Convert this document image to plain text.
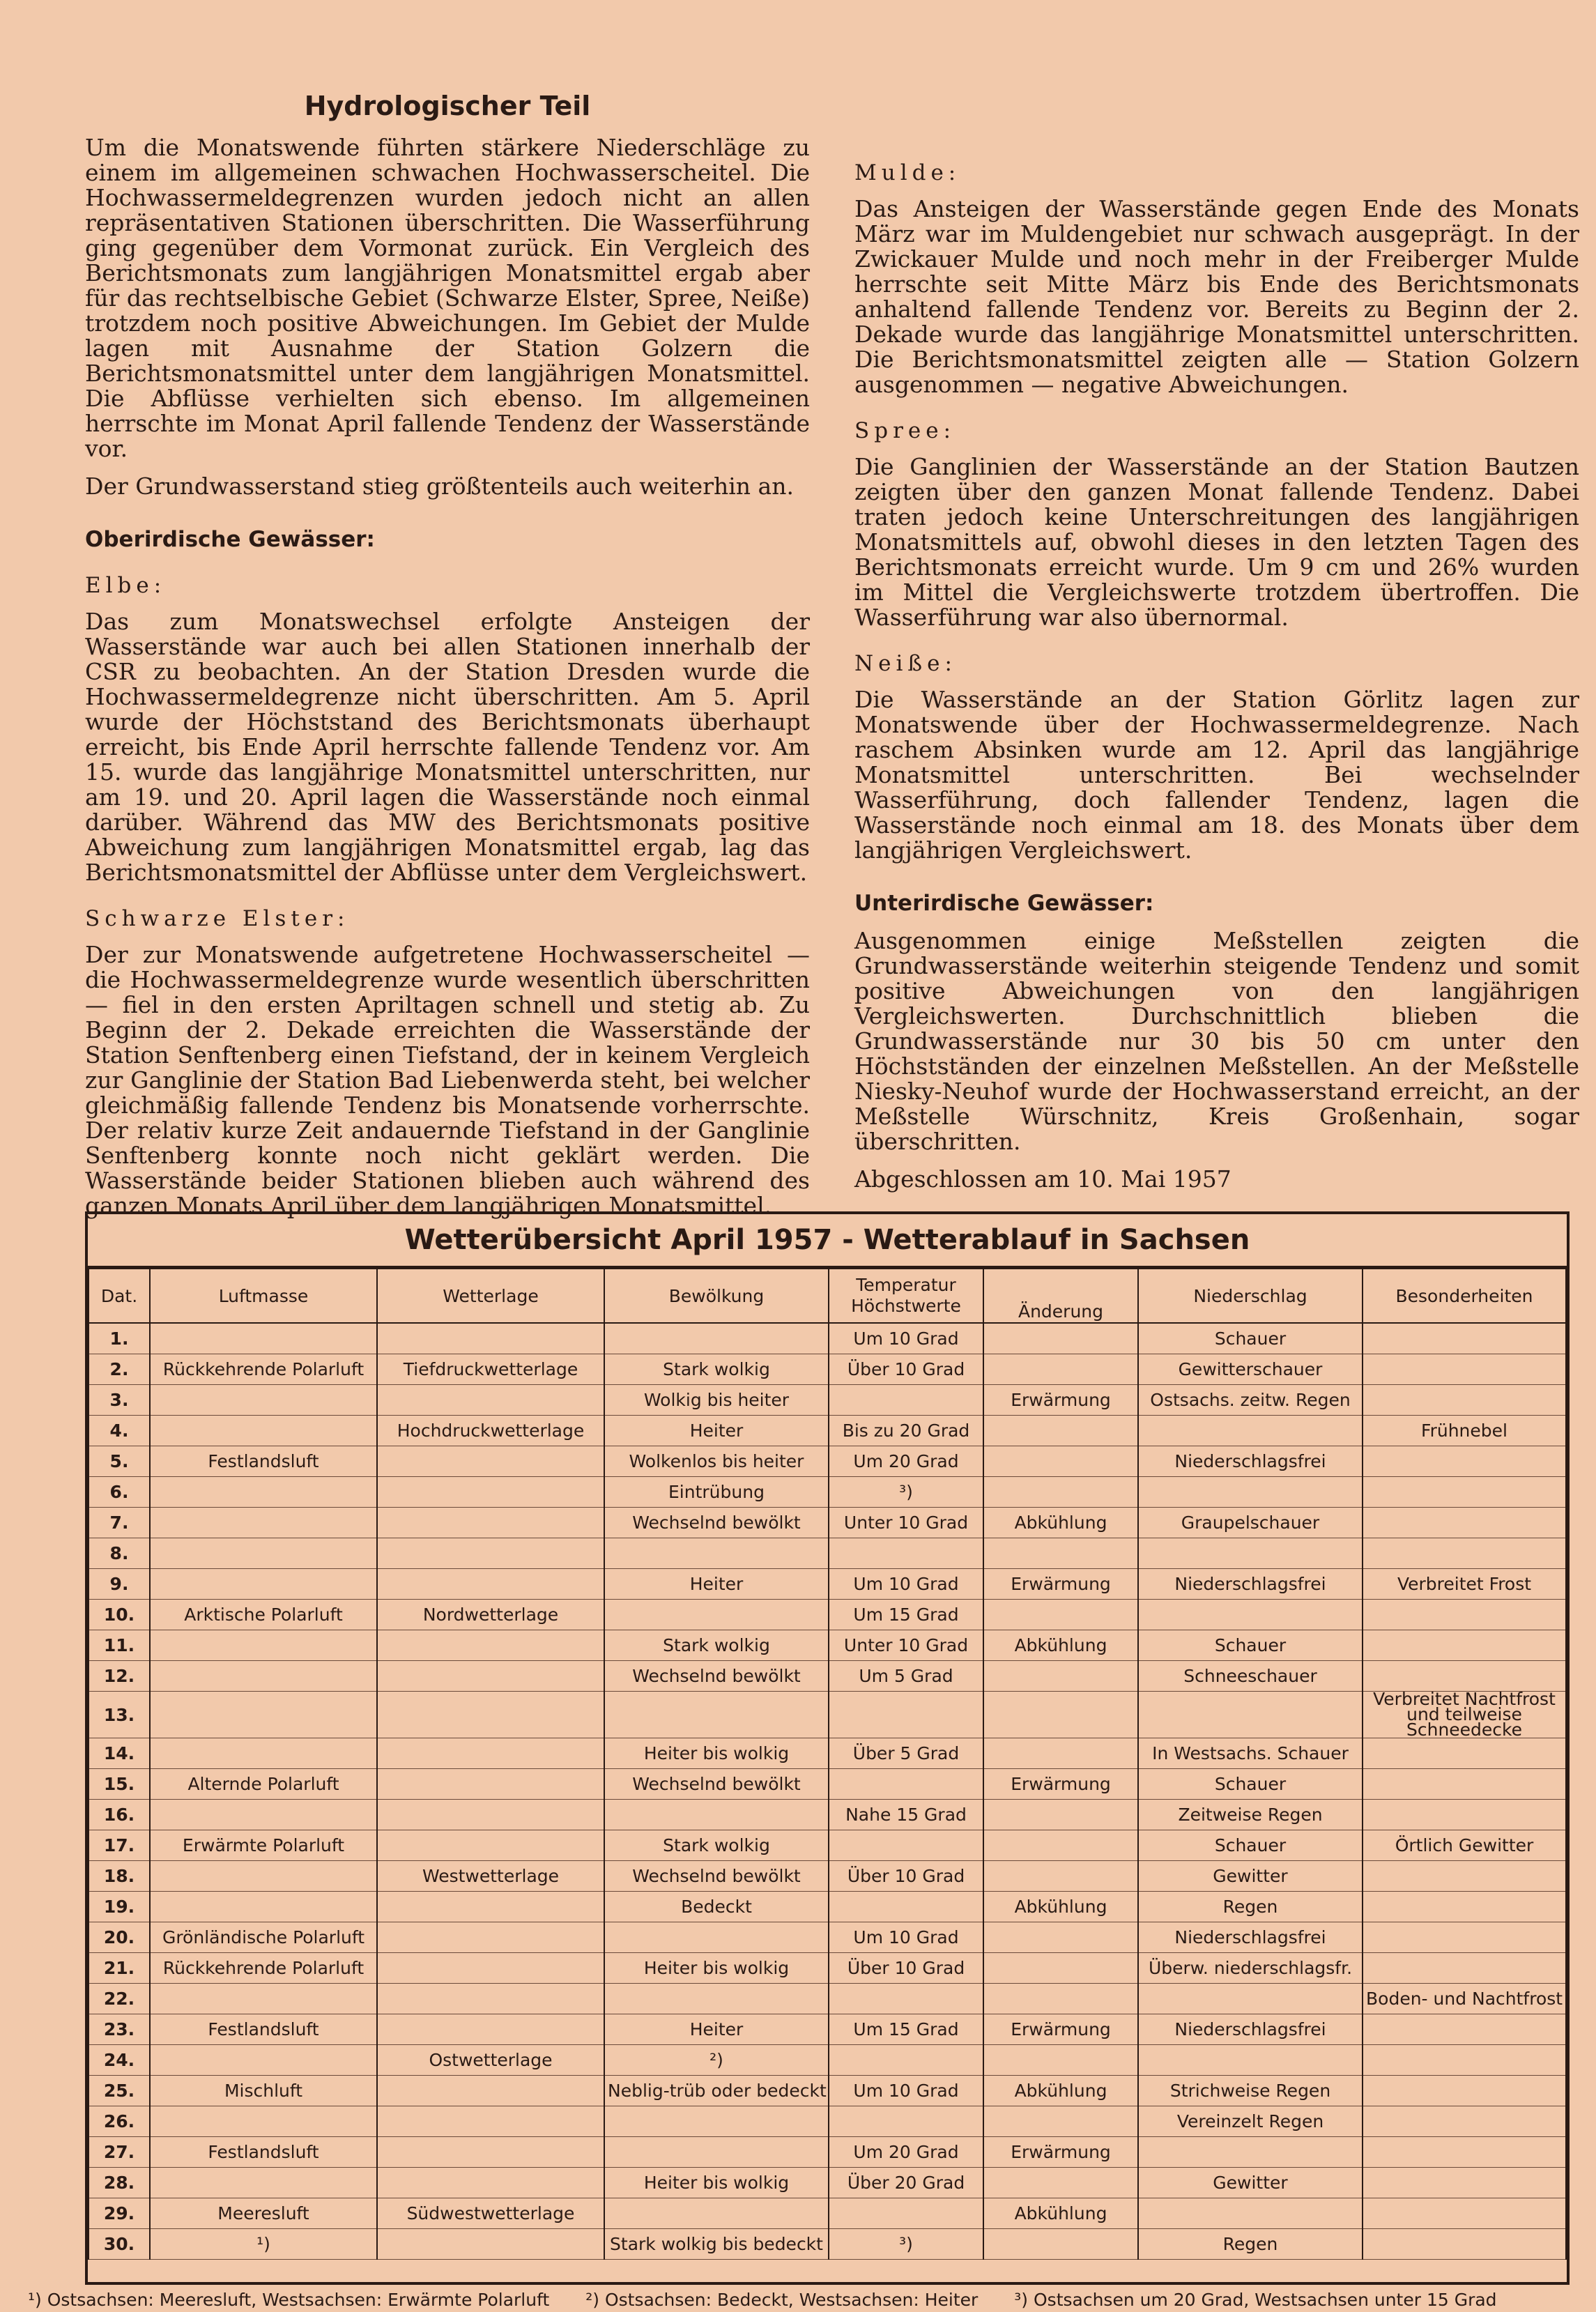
Hydrologischer Teil

Um die Monatswende führten stärkere Niederschläge zu einem im allgemeinen schwachen Hochwasserscheitel. Die Hochwassermeldegrenzen wurden jedoch nicht an allen repräsentativen Stationen überschritten. Die Wasserführung ging gegenüber dem Vormonat zurück. Ein Vergleich des Berichtsmonats zum langjährigen Monatsmittel ergab aber für das rechtselbische Gebiet (Schwarze Elster, Spree, Neiße) trotzdem noch positive Abweichungen. Im Gebiet der Mulde lagen mit Ausnahme der Station Golzern die Berichtsmonatsmittel unter dem langjährigen Monatsmittel. Die Abflüsse verhielten sich ebenso. Im allgemeinen herrschte im Monat April fallende Tendenz der Wasserstände vor.

Der Grundwasserstand stieg größtenteils auch weiterhin an.

Oberirdische Gewässer:
Elbe:

Das zum Monatswechsel erfolgte Ansteigen der Wasserstände war auch bei allen Stationen innerhalb der CSR zu beobachten. An der Station Dresden wurde die Hochwassermeldegrenze nicht überschritten. Am 5. April wurde der Höchststand des Berichtsmonats überhaupt erreicht, bis Ende April herrschte fallende Tendenz vor. Am 15. wurde das langjährige Monatsmittel unterschritten, nur am 19. und 20. April lagen die Wasserstände noch einmal darüber. Während das MW des Berichtsmonats positive Abweichung zum langjährigen Monatsmittel ergab, lag das Berichtsmonatsmittel der Abflüsse unter dem Vergleichswert.

Schwarze Elster:

Der zur Monatswende aufgetretene Hochwasserscheitel — die Hochwassermeldegrenze wurde wesentlich überschritten — fiel in den ersten Apriltagen schnell und stetig ab. Zu Beginn der 2. Dekade erreichten die Wasserstände der Station Senftenberg einen Tiefstand, der in keinem Vergleich zur Ganglinie der Station Bad Liebenwerda steht, bei welcher gleichmäßig fallende Tendenz bis Monatsende vorherrschte. Der relativ kurze Zeit andauernde Tiefstand in der Ganglinie Senftenberg konnte noch nicht geklärt werden. Die Wasserstände beider Stationen blieben auch während des ganzen Monats April über dem langjährigen Monatsmittel.

Mulde:

Das Ansteigen der Wasserstände gegen Ende des Monats März war im Muldengebiet nur schwach ausgeprägt. In der Zwickauer Mulde und noch mehr in der Freiberger Mulde herrschte seit Mitte März bis Ende des Berichtsmonats anhaltend fallende Tendenz vor. Bereits zu Beginn der 2. Dekade wurde das langjährige Monatsmittel unterschritten. Die Berichtsmonatsmittel zeigten alle — Station Golzern ausgenommen — negative Abweichungen.

Spree:

Die Ganglinien der Wasserstände an der Station Bautzen zeigten über den ganzen Monat fallende Tendenz. Dabei traten jedoch keine Unterschreitungen des langjährigen Monatsmittels auf, obwohl dieses in den letzten Tagen des Berichtsmonats erreicht wurde. Um 9 cm und 26% wurden im Mittel die Vergleichswerte trotzdem übertroffen. Die Wasserführung war also übernormal.

Neiße:

Die Wasserstände an der Station Görlitz lagen zur Monatswende über der Hochwassermeldegrenze. Nach raschem Absinken wurde am 12. April das langjährige Monatsmittel unterschritten. Bei wechselnder Wasserführung, doch fallender Tendenz, lagen die Wasserstände noch einmal am 18. des Monats über dem langjährigen Vergleichswert.

Unterirdische Gewässer:

Ausgenommen einige Meßstellen zeigten die Grundwasserstände weiterhin steigende Tendenz und somit positive Abweichungen von den langjährigen Vergleichswerten. Durchschnittlich blieben die Grundwasserstände nur 30 bis 50 cm unter den Höchstständen der einzelnen Meßstellen. An der Meßstelle Niesky-Neuhof wurde der Hochwasserstand erreicht, an der Meßstelle Würschnitz, Kreis Großenhain, sogar überschritten.

Abgeschlossen am 10. Mai 1957

Wetterübersicht April 1957 - Wetterablauf in Sachsen
Dat.	Luftmasse	Wetterlage	Bewölkung	Temperatur
Höchstwerte	Änderung	Niederschlag	Besonderheiten
1.				Um 10 Grad		Schauer	
2.	Rückkehrende Polarluft	Tiefdruckwetterlage	Stark wolkig	Über 10 Grad		Gewitterschauer	
3.			Wolkig bis heiter		Erwärmung	Ostsachs. zeitw. Regen	
4.		Hochdruckwetterlage	Heiter	Bis zu 20 Grad			Frühnebel
5.	Festlandsluft		Wolkenlos bis heiter	Um 20 Grad		Niederschlagsfrei	
6.			Eintrübung	³)			
7.			Wechselnd bewölkt	Unter 10 Grad	Abkühlung	Graupelschauer	
8.							
9.			Heiter	Um 10 Grad	Erwärmung	Niederschlagsfrei	Verbreitet Frost
10.	Arktische Polarluft	Nordwetterlage		Um 15 Grad			
11.			Stark wolkig	Unter 10 Grad	Abkühlung	Schauer	
12.			Wechselnd bewölkt	Um 5 Grad		Schneeschauer	
13.							Verbreitet Nachtfrost und teilweise Schneedecke
14.			Heiter bis wolkig	Über 5 Grad		In Westsachs. Schauer	
15.	Alternde Polarluft		Wechselnd bewölkt		Erwärmung	Schauer	
16.				Nahe 15 Grad		Zeitweise Regen	
17.	Erwärmte Polarluft		Stark wolkig			Schauer	Örtlich Gewitter
18.		Westwetterlage	Wechselnd bewölkt	Über 10 Grad		Gewitter	
19.			Bedeckt		Abkühlung	Regen	
20.	Grönländische Polarluft			Um 10 Grad		Niederschlagsfrei	
21.	Rückkehrende Polarluft		Heiter bis wolkig	Über 10 Grad		Überw. niederschlagsfr.	
22.							Boden- und Nachtfrost
23.	Festlandsluft		Heiter	Um 15 Grad	Erwärmung	Niederschlagsfrei	
24.		Ostwetterlage	²)				
25.	Mischluft		Neblig-trüb oder bedeckt	Um 10 Grad	Abkühlung	Strichweise Regen	
26.						Vereinzelt Regen	
27.	Festlandsluft			Um 20 Grad	Erwärmung		
28.			Heiter bis wolkig	Über 20 Grad		Gewitter	
29.	Meeresluft	Südwestwetterlage			Abkühlung		
30.	¹)		Stark wolkig bis bedeckt	³)		Regen	
¹) Ostsachsen: Meeresluft, Westsachsen: Erwärmte Polarluft ²) Ostsachsen: Bedeckt, Westsachsen: Heiter ³) Ostsachsen um 20 Grad, Westsachsen unter 15 Grad
